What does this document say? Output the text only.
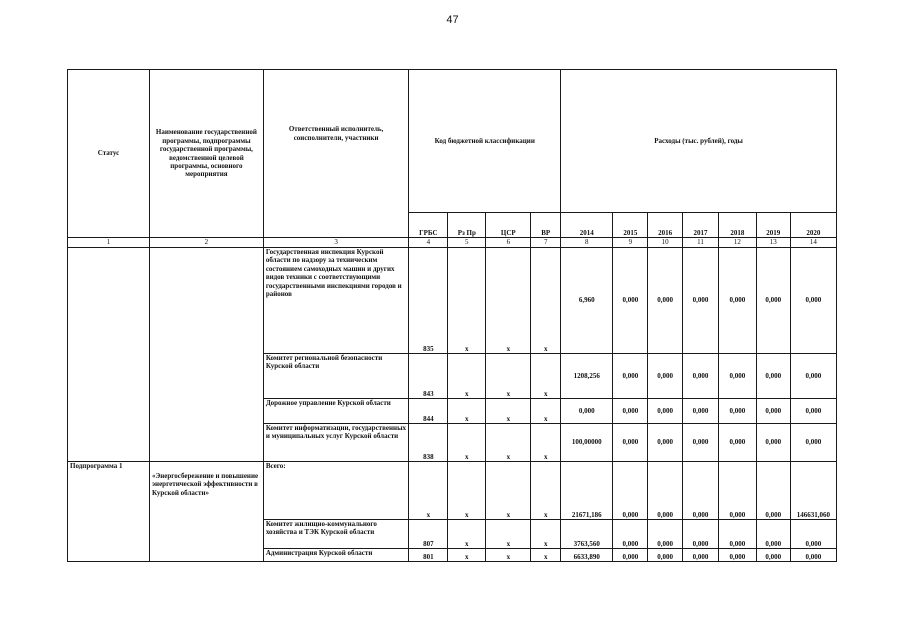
47
Статус	Наименование государственной программы, подпрограммы государственной программы, ведомственной целевой программы, основного мероприятия	Ответственный исполнитель, соисполнители, участники	Код бюджетной классификации				Расходы (тыс. рублей), годы						
			ГРБС	Рз Пр	ЦСР	ВР	2014	2015	2016	2017	2018	2019	2020
1	2	3	4	5	6	7	8	9	10	11	12	13	14
		Государственная инспекция Курской области по надзору за техническим состоянием самоходных машин и других видов техники с соответствующими государственными инспекциями городов и районов	835	х	х	х	6,960	0,000	0,000	0,000	0,000	0,000	0,000
		Комитет региональной безопасности Курской области	843	х	х	х	1208,256	0,000	0,000	0,000	0,000	0,000	0,000
		Дорожное управление Курской области	844	х	х	х	0,000	0,000	0,000	0,000	0,000	0,000	0,000
		Комитет информатизации, государственных и муниципальных услуг Курской области	838	х	х	х	100,00000	0,000	0,000	0,000	0,000	0,000	0,000
Подпрограмма 1	«Энергосбережение и повышение энергетической эффективности в Курской области»	Всего:	х	х	х	х	21671,186	0,000	0,000	0,000	0,000	0,000	146631,060
		Комитет жилищно-коммунального хозяйства и ТЭК Курской области	807	х	х	х	3763,560	0,000	0,000	0,000	0,000	0,000	0,000
		Администрация Курской области	801	х	х	х	6633,890	0,000	0,000	0,000	0,000	0,000	0,000
